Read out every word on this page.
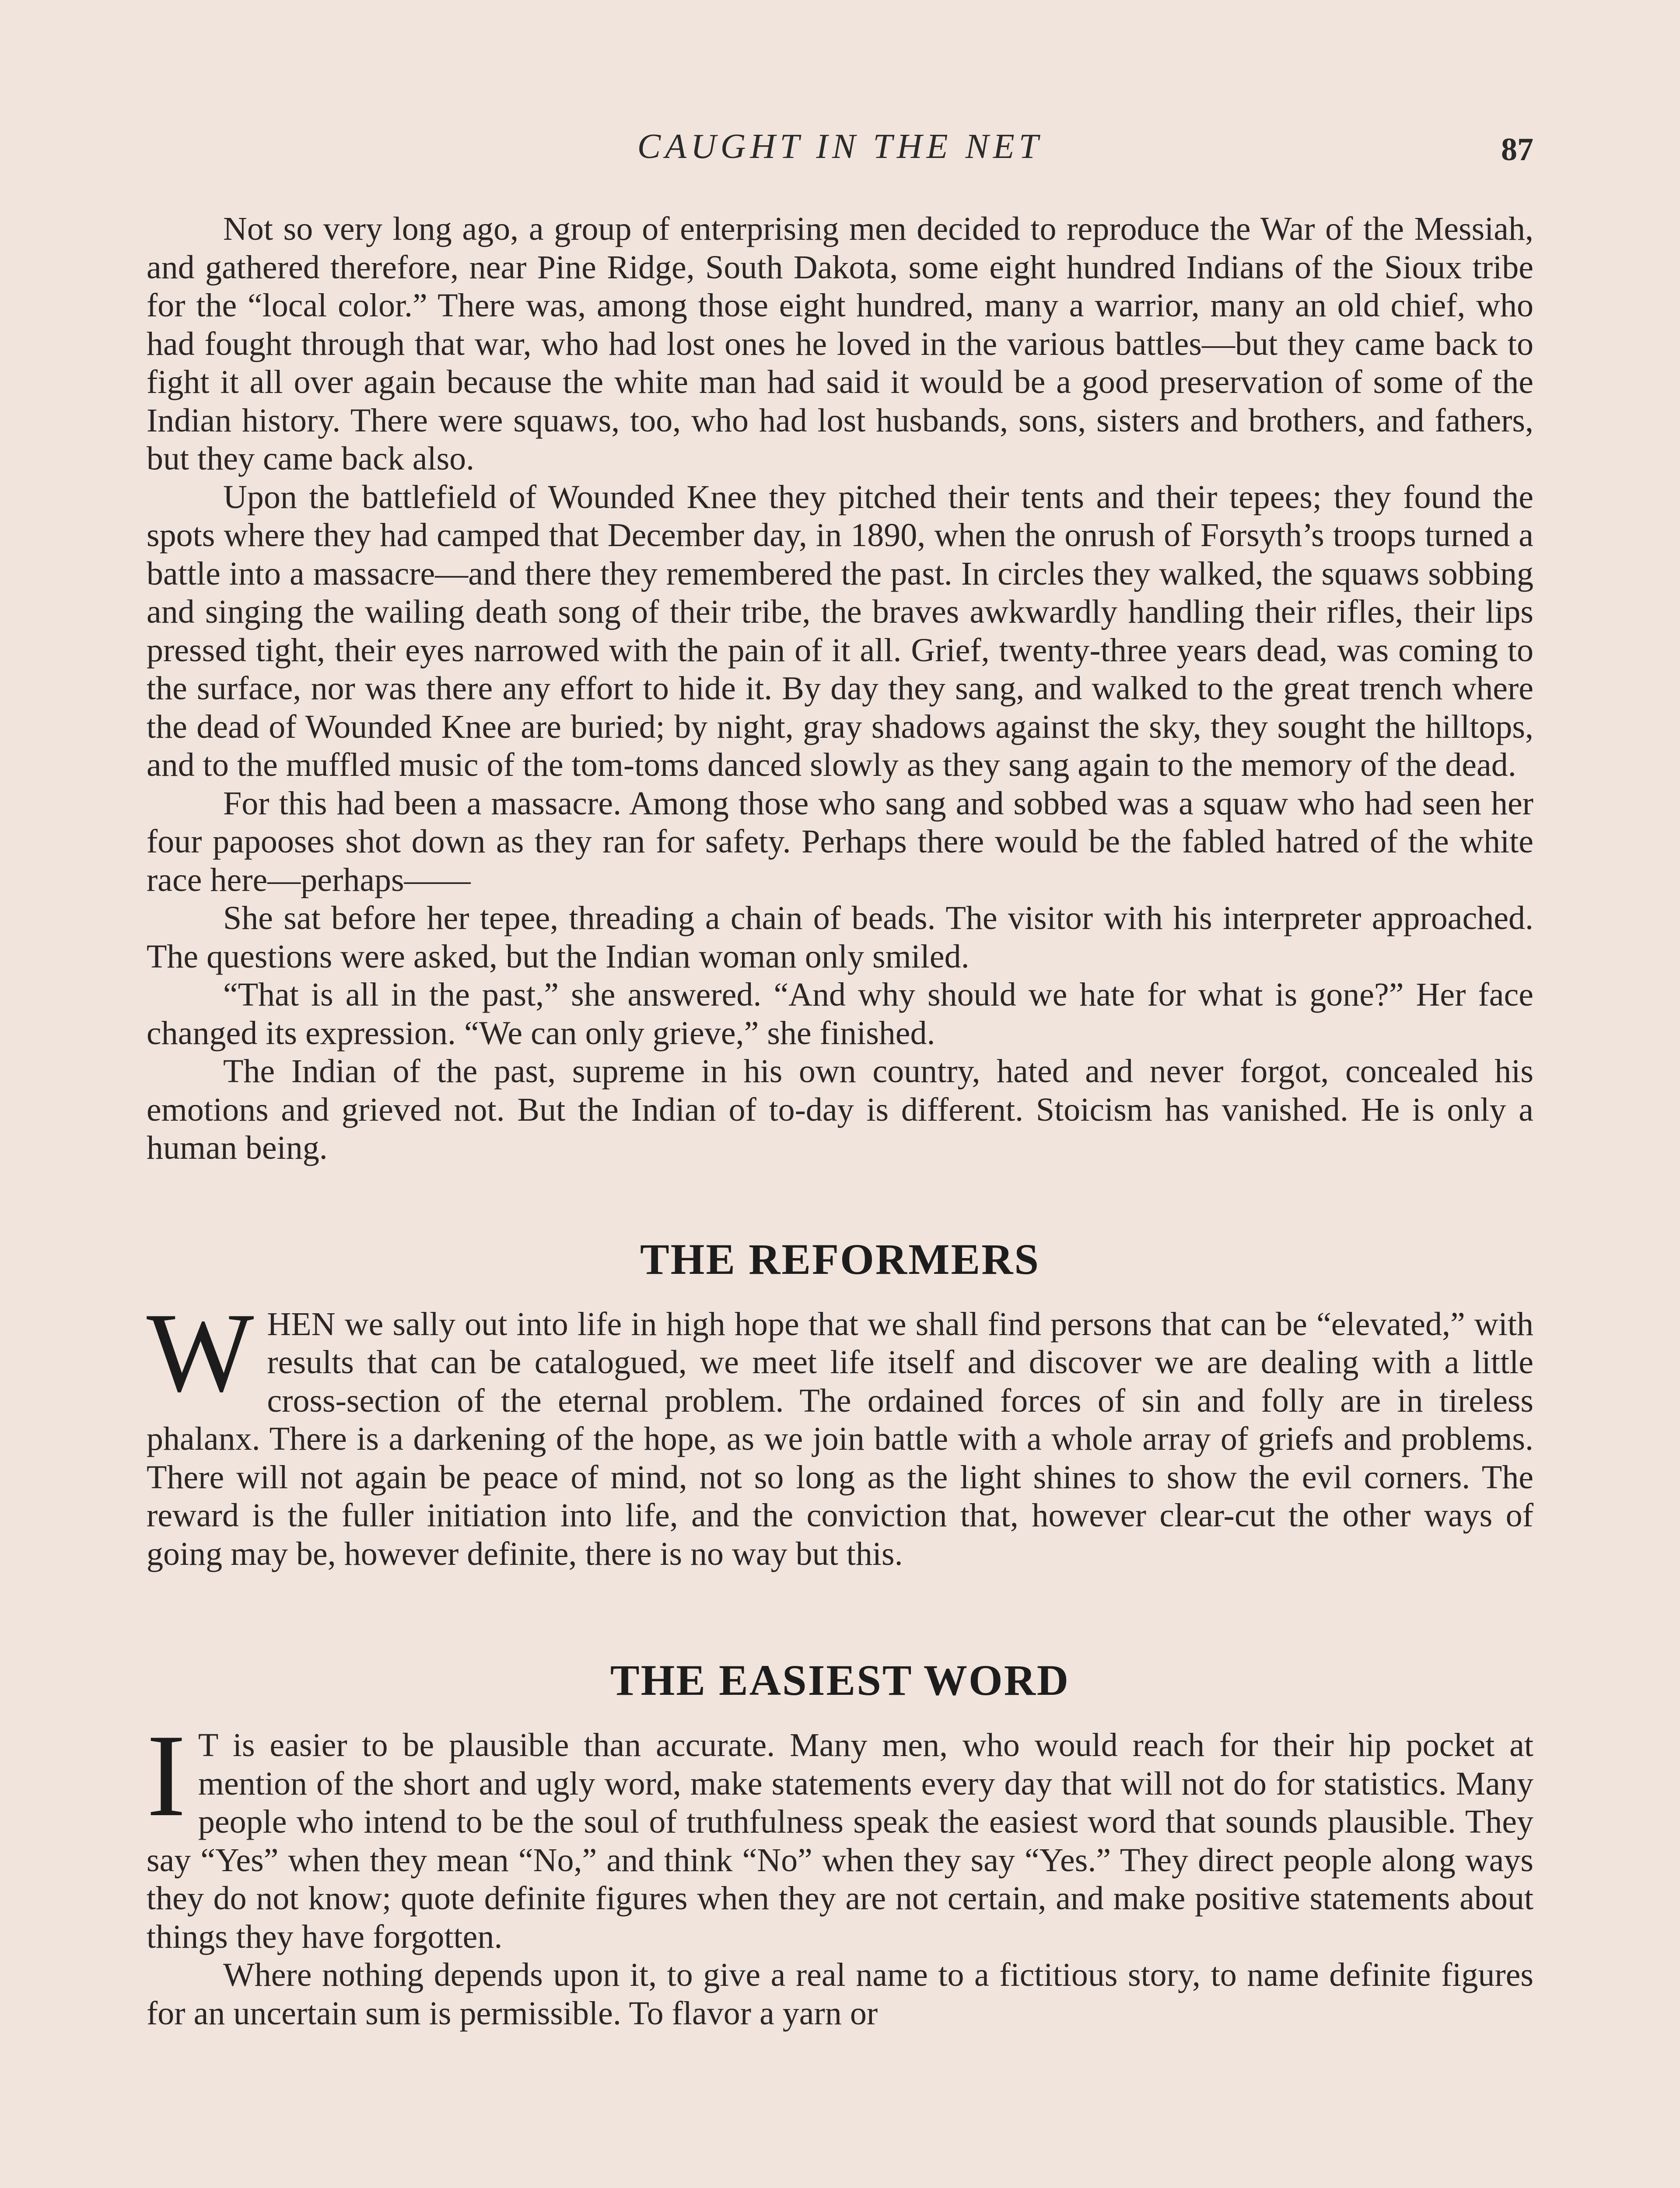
CAUGHT IN THE NET	87

Not so very long ago, a group of enterprising men decided to reproduce the War of the Messiah, and gathered therefore, near Pine Ridge, South Dakota, some eight hundred Indians of the Sioux tribe for the “local color.” There was, among those eight hundred, many a warrior, many an old chief, who had fought through that war, who had lost ones he loved in the various battles—but they came back to fight it all over again because the white man had said it would be a good preservation of some of the Indian history. There were squaws, too, who had lost husbands, sons, sisters and brothers, and fathers, but they came back also.

Upon the battlefield of Wounded Knee they pitched their tents and their tepees; they found the spots where they had camped that December day, in 1890, when the onrush of Forsyth’s troops turned a battle into a massacre—and there they remembered the past. In circles they walked, the squaws sobbing and singing the wailing death song of their tribe, the braves awkwardly handling their rifles, their lips pressed tight, their eyes narrowed with the pain of it all. Grief, twenty-three years dead, was coming to the surface, nor was there any effort to hide it. By day they sang, and walked to the great trench where the dead of Wounded Knee are buried; by night, gray shadows against the sky, they sought the hilltops, and to the muffled music of the tom-toms danced slowly as they sang again to the memory of the dead.

For this had been a massacre. Among those who sang and sobbed was a squaw who had seen her four papooses shot down as they ran for safety. Perhaps there would be the fabled hatred of the white race here—perhaps——

She sat before her tepee, threading a chain of beads. The visitor with his interpreter approached. The questions were asked, but the Indian woman only smiled.

“That is all in the past,” she answered. “And why should we hate for what is gone?” Her face changed its expression. “We can only grieve,” she finished.

The Indian of the past, supreme in his own country, hated and never forgot, concealed his emotions and grieved not. But the Indian of to-day is different. Stoicism has vanished. He is only a human being.

THE REFORMERS

WHEN we sally out into life in high hope that we shall find persons that can be “elevated,” with results that can be catalogued, we meet life itself and discover we are dealing with a little cross-section of the eternal problem. The ordained forces of sin and folly are in tireless phalanx. There is a darkening of the hope, as we join battle with a whole array of griefs and problems. There will not again be peace of mind, not so long as the light shines to show the evil corners. The reward is the fuller initiation into life, and the conviction that, however clear-cut the other ways of going may be, however definite, there is no way but this.

THE EASIEST WORD

I T is easier to be plausible than accurate. Many men, who would reach for their hip pocket at mention of the short and ugly word, make statements every day that will not do for statistics. Many people who intend to be the soul of truthfulness speak the easiest word that sounds plausible. They say “Yes” when they mean “No,” and think “No” when they say “Yes.” They direct people along ways they do not know; quote definite figures when they are not certain, and make positive statements about things they have forgotten.

Where nothing depends upon it, to give a real name to a fictitious story, to name definite figures for an uncertain sum is permissible. To flavor a yarn or
